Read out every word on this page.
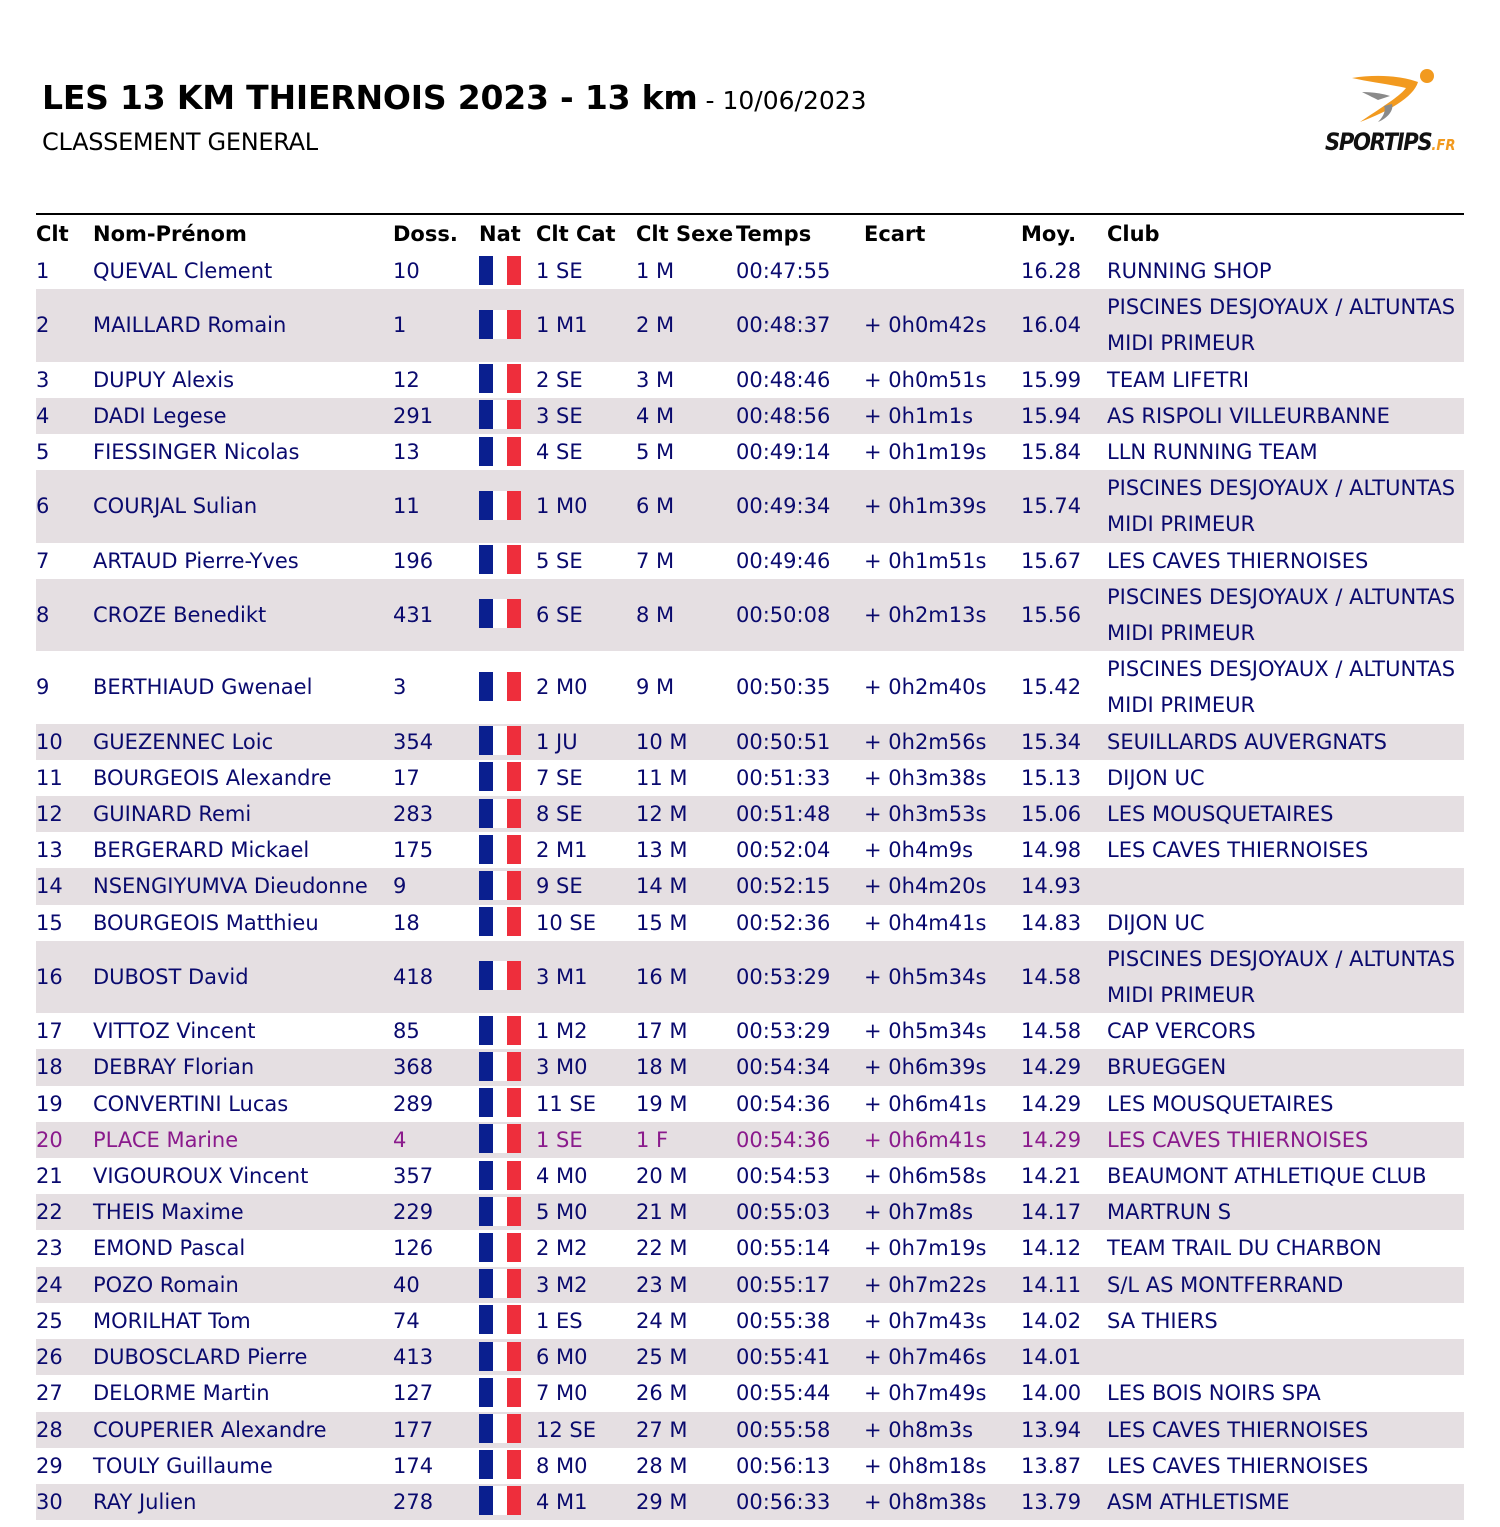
LES 13 KM THIERNOIS 2023 - 13 km - 10/06/2023
CLASSEMENT GENERAL	SPORTIPS.FR
Clt	Nom-Prénom	Doss.	Nat	Clt Cat	Clt Sexe	Temps	Ecart	Moy.	Club
1	QUEVAL Clement	10		1 SE	1 M	00:47:55		16.28	RUNNING SHOP
2	MAILLARD Romain	1		1 M1	2 M	00:48:37	+ 0h0m42s	16.04	PISCINES DESJOYAUX / ALTUNTAS MIDI PRIMEUR
3	DUPUY Alexis	12		2 SE	3 M	00:48:46	+ 0h0m51s	15.99	TEAM LIFETRI
4	DADI Legese	291		3 SE	4 M	00:48:56	+ 0h1m1s	15.94	AS RISPOLI VILLEURBANNE
5	FIESSINGER Nicolas	13		4 SE	5 M	00:49:14	+ 0h1m19s	15.84	LLN RUNNING TEAM
6	COURJAL Sulian	11		1 M0	6 M	00:49:34	+ 0h1m39s	15.74	PISCINES DESJOYAUX / ALTUNTAS MIDI PRIMEUR
7	ARTAUD Pierre-Yves	196		5 SE	7 M	00:49:46	+ 0h1m51s	15.67	LES CAVES THIERNOISES
8	CROZE Benedikt	431		6 SE	8 M	00:50:08	+ 0h2m13s	15.56	PISCINES DESJOYAUX / ALTUNTAS MIDI PRIMEUR
9	BERTHIAUD Gwenael	3		2 M0	9 M	00:50:35	+ 0h2m40s	15.42	PISCINES DESJOYAUX / ALTUNTAS MIDI PRIMEUR
10	GUEZENNEC Loic	354		1 JU	10 M	00:50:51	+ 0h2m56s	15.34	SEUILLARDS AUVERGNATS
11	BOURGEOIS Alexandre	17		7 SE	11 M	00:51:33	+ 0h3m38s	15.13	DIJON UC
12	GUINARD Remi	283		8 SE	12 M	00:51:48	+ 0h3m53s	15.06	LES MOUSQUETAIRES
13	BERGERARD Mickael	175		2 M1	13 M	00:52:04	+ 0h4m9s	14.98	LES CAVES THIERNOISES
14	NSENGIYUMVA Dieudonne	9		9 SE	14 M	00:52:15	+ 0h4m20s	14.93	
15	BOURGEOIS Matthieu	18		10 SE	15 M	00:52:36	+ 0h4m41s	14.83	DIJON UC
16	DUBOST David	418		3 M1	16 M	00:53:29	+ 0h5m34s	14.58	PISCINES DESJOYAUX / ALTUNTAS MIDI PRIMEUR
17	VITTOZ Vincent	85		1 M2	17 M	00:53:29	+ 0h5m34s	14.58	CAP VERCORS
18	DEBRAY Florian	368		3 M0	18 M	00:54:34	+ 0h6m39s	14.29	BRUEGGEN
19	CONVERTINI Lucas	289		11 SE	19 M	00:54:36	+ 0h6m41s	14.29	LES MOUSQUETAIRES
20	PLACE Marine	4		1 SE	1 F	00:54:36	+ 0h6m41s	14.29	LES CAVES THIERNOISES
21	VIGOUROUX Vincent	357		4 M0	20 M	00:54:53	+ 0h6m58s	14.21	BEAUMONT ATHLETIQUE CLUB
22	THEIS Maxime	229		5 M0	21 M	00:55:03	+ 0h7m8s	14.17	MARTRUN S
23	EMOND Pascal	126		2 M2	22 M	00:55:14	+ 0h7m19s	14.12	TEAM TRAIL DU CHARBON
24	POZO Romain	40		3 M2	23 M	00:55:17	+ 0h7m22s	14.11	S/L AS MONTFERRAND
25	MORILHAT Tom	74		1 ES	24 M	00:55:38	+ 0h7m43s	14.02	SA THIERS
26	DUBOSCLARD Pierre	413		6 M0	25 M	00:55:41	+ 0h7m46s	14.01	
27	DELORME Martin	127		7 M0	26 M	00:55:44	+ 0h7m49s	14.00	LES BOIS NOIRS SPA
28	COUPERIER Alexandre	177		12 SE	27 M	00:55:58	+ 0h8m3s	13.94	LES CAVES THIERNOISES
29	TOULY Guillaume	174		8 M0	28 M	00:56:13	+ 0h8m18s	13.87	LES CAVES THIERNOISES
30	RAY Julien	278		4 M1	29 M	00:56:33	+ 0h8m38s	13.79	ASM ATHLETISME
